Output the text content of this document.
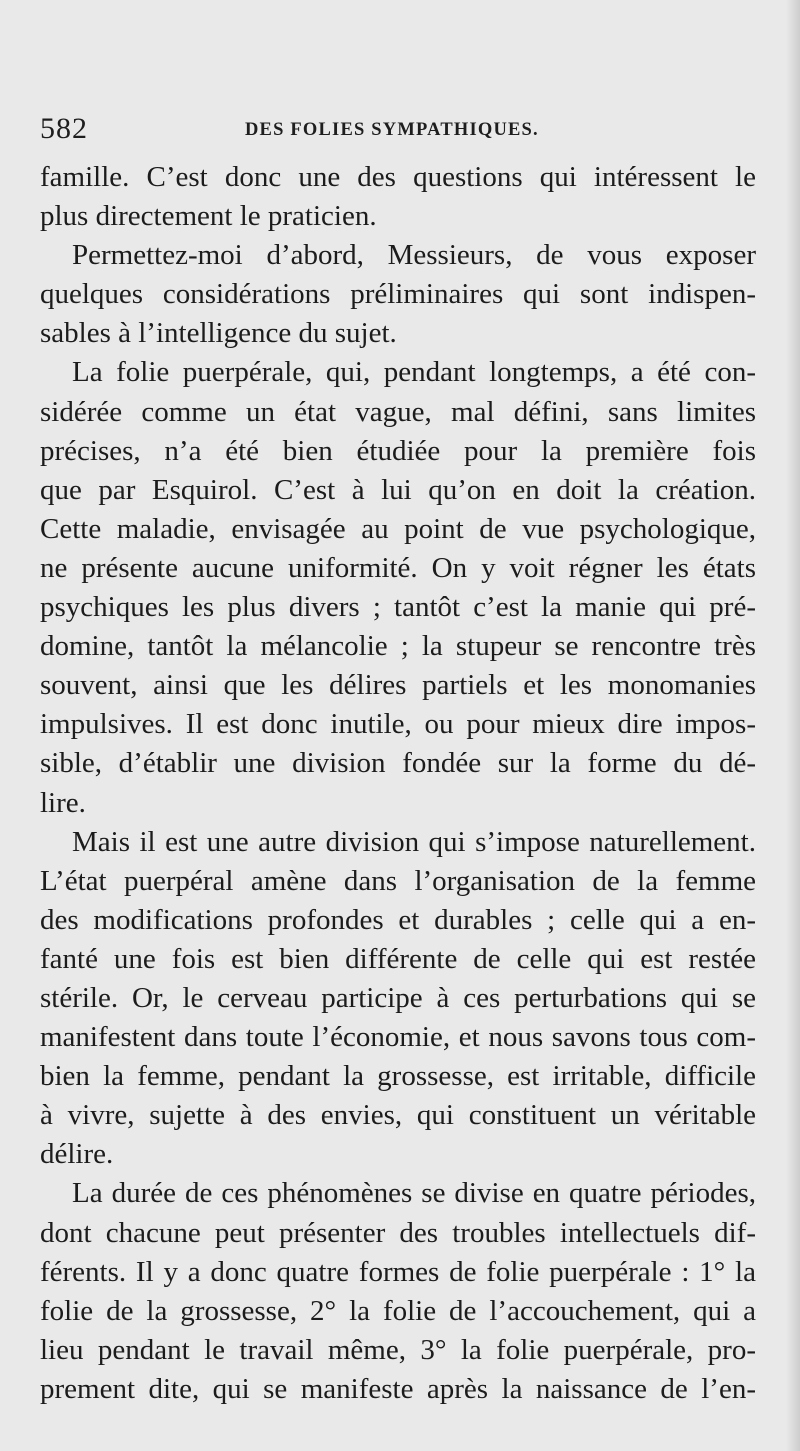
582	DES FOLIES SYMPATHIQUES.
famille. C’est donc une des questions qui intéressent le
plus directement le praticien.
Permettez-moi d’abord, Messieurs, de vous exposer
quelques considérations préliminaires qui sont indispen-
sables à l’intelligence du sujet.
La folie puerpérale, qui, pendant longtemps, a été con-
sidérée comme un état vague, mal défini, sans limites
précises, n’a été bien étudiée pour la première fois
que par Esquirol. C’est à lui qu’on en doit la création.
Cette maladie, envisagée au point de vue psychologique,
ne présente aucune uniformité. On y voit régner les états
psychiques les plus divers ; tantôt c’est la manie qui pré-
domine, tantôt la mélancolie ; la stupeur se rencontre très
souvent, ainsi que les délires partiels et les monomanies
impulsives. Il est donc inutile, ou pour mieux dire impos-
sible, d’établir une division fondée sur la forme du dé-
lire.
Mais il est une autre division qui s’impose naturellement.
L’état puerpéral amène dans l’organisation de la femme
des modifications profondes et durables ; celle qui a en-
fanté une fois est bien différente de celle qui est restée
stérile. Or, le cerveau participe à ces perturbations qui se
manifestent dans toute l’économie, et nous savons tous com-
bien la femme, pendant la grossesse, est irritable, difficile
à vivre, sujette à des envies, qui constituent un véritable
délire.
La durée de ces phénomènes se divise en quatre périodes,
dont chacune peut présenter des troubles intellectuels dif-
férents. Il y a donc quatre formes de folie puerpérale : 1° la
folie de la grossesse, 2° la folie de l’accouchement, qui a
lieu pendant le travail même, 3° la folie puerpérale, pro-
prement dite, qui se manifeste après la naissance de l’en-
